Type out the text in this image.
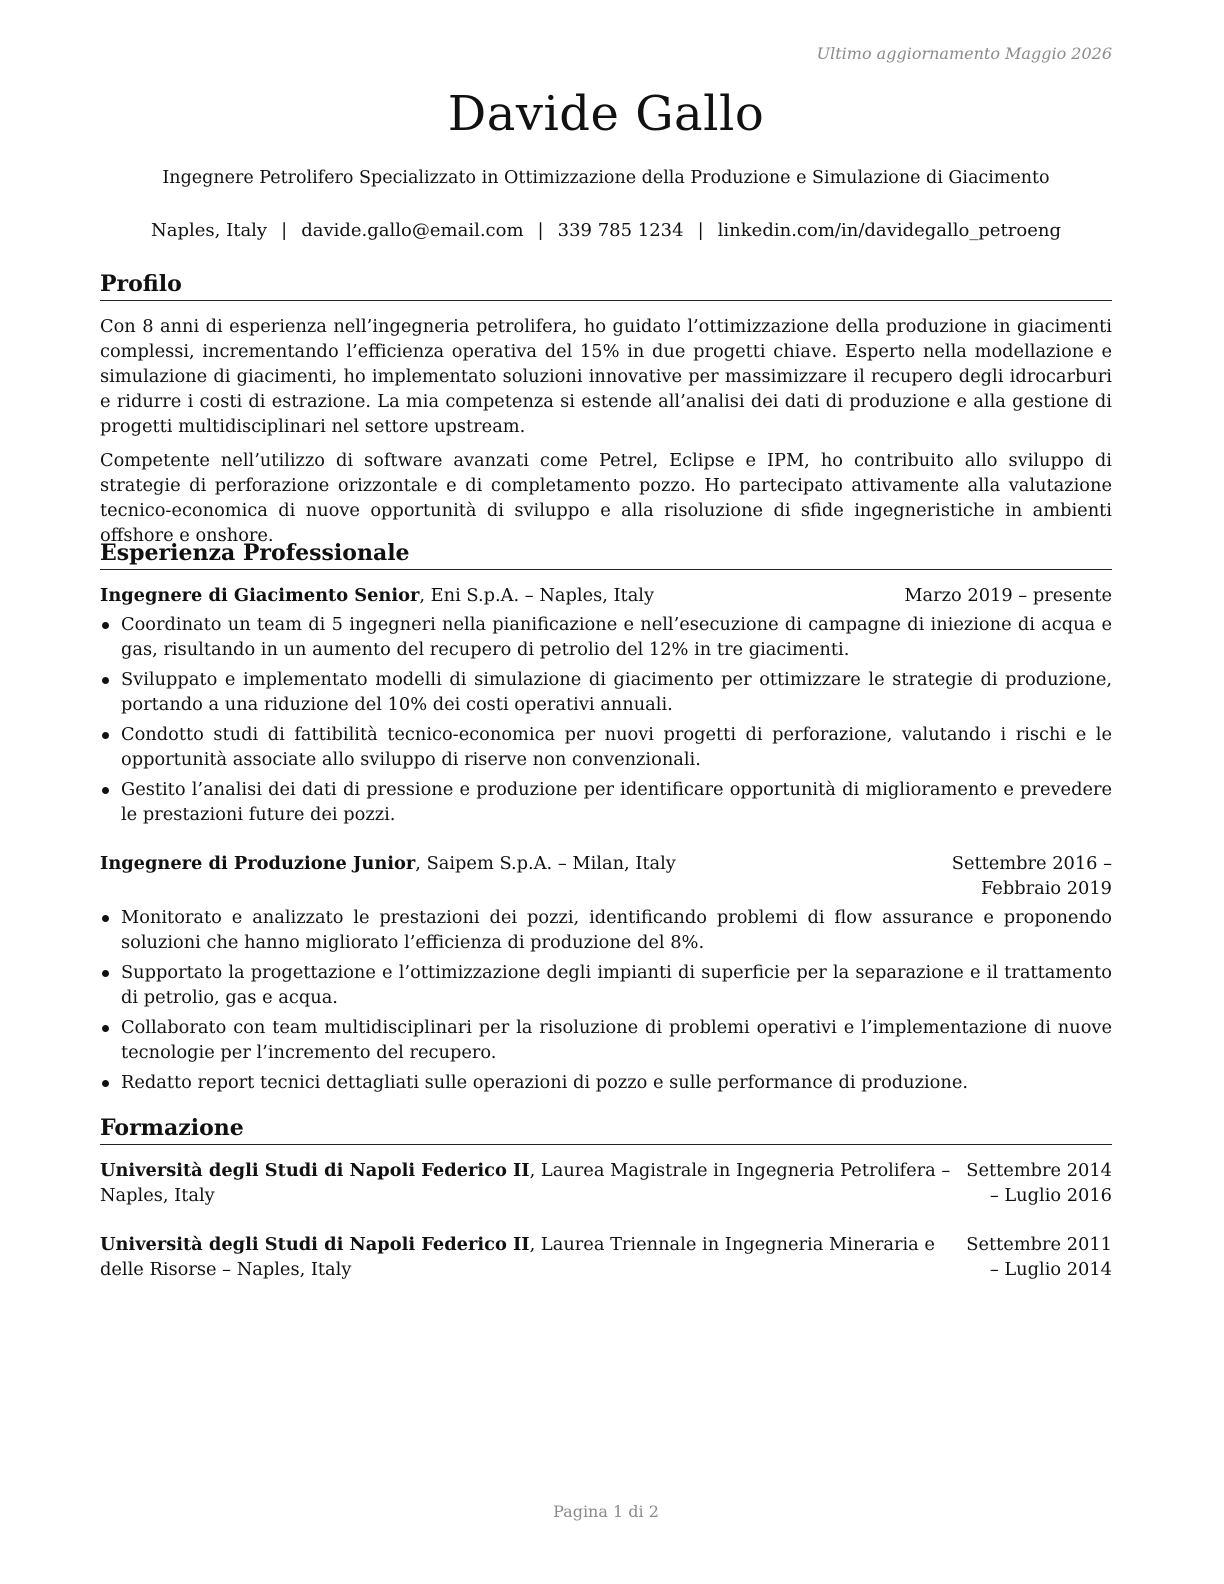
Ultimo aggiornamento Maggio 2026
Davide Gallo
Ingegnere Petrolifero Specializzato in Ottimizzazione della Produzione e Simulazione di Giacimento
Naples, Italy | davide.gallo@email.com | 339 785 1234 | linkedin.com/in/davidegallo_petroeng
Profilo
Con 8 anni di esperienza nell’ingegneria petrolifera, ho guidato l’ottimizzazione della produzione in giacimenti complessi, incrementando l’efficienza operativa del 15% in due progetti chiave. Esperto nella modellazione e simulazione di giacimenti, ho implementato soluzioni innovative per massimizzare il recupero degli idrocarburi e ridurre i costi di estrazione. La mia competenza si estende all’analisi dei dati di produzione e alla gestione di progetti multidisciplinari nel settore upstream.
Competente nell’utilizzo di software avanzati come Petrel, Eclipse e IPM, ho contribuito allo sviluppo di strategie di perforazione orizzontale e di completamento pozzo. Ho partecipato attivamente alla valutazione tecnico-economica di nuove opportunità di sviluppo e alla risoluzione di sfide ingegneristiche in ambienti offshore e onshore.
Esperienza Professionale
Ingegnere di Giacimento Senior, Eni S.p.A. – Naples, Italy	Marzo 2019 – presente
Coordinato un team di 5 ingegneri nella pianificazione e nell’esecuzione di campagne di iniezione di acqua e gas, risultando in un aumento del recupero di petrolio del 12% in tre giacimenti.
Sviluppato e implementato modelli di simulazione di giacimento per ottimizzare le strategie di produzione, portando a una riduzione del 10% dei costi operativi annuali.
Condotto studi di fattibilità tecnico-economica per nuovi progetti di perforazione, valutando i rischi e le opportunità associate allo sviluppo di riserve non convenzionali.
Gestito l’analisi dei dati di pressione e produzione per identificare opportunità di miglioramento e prevedere le prestazioni future dei pozzi.
Ingegnere di Produzione Junior, Saipem S.p.A. – Milan, Italy	Settembre 2016 – Febbraio 2019
Monitorato e analizzato le prestazioni dei pozzi, identificando problemi di flow assurance e proponendo soluzioni che hanno migliorato l’efficienza di produzione del 8%.
Supportato la progettazione e l’ottimizzazione degli impianti di superficie per la separazione e il trattamento di petrolio, gas e acqua.
Collaborato con team multidisciplinari per la risoluzione di problemi operativi e l’implementazione di nuove tecnologie per l’incremento del recupero.
Redatto report tecnici dettagliati sulle operazioni di pozzo e sulle performance di produzione.
Formazione
Università degli Studi di Napoli Federico II, Laurea Magistrale in Ingegneria Petrolifera – Naples, Italy
Settembre 2014 – Luglio 2016
Università degli Studi di Napoli Federico II, Laurea Triennale in Ingegneria Mineraria e delle Risorse – Naples, Italy
Settembre 2011 – Luglio 2014
Pagina 1 di 2
